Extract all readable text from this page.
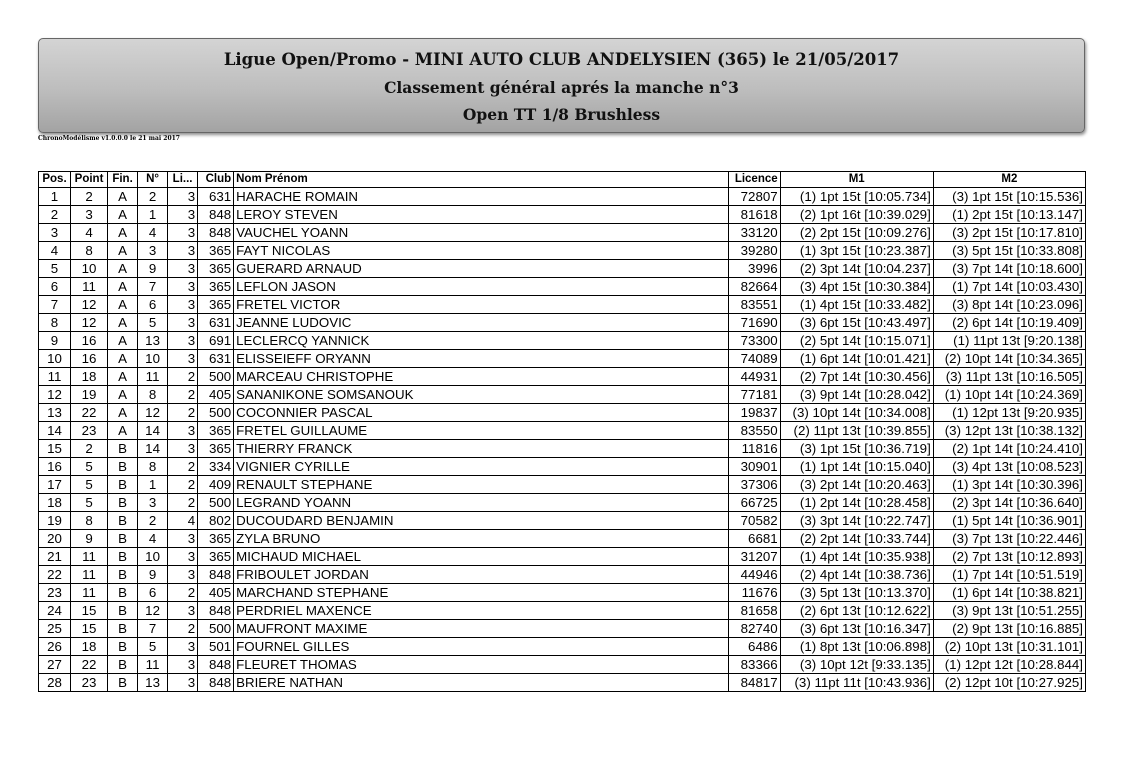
Ligue Open/Promo - MINI AUTO CLUB ANDELYSIEN (365) le 21/05/2017
Classement général aprés la manche n°3
Open TT 1/8 Brushless
ChronoModélisme v1.0.0.0 le 21 mai 2017
Pos.	Point	Fin.	N°	Li...	Club	Nom Prénom	Licence	M1	M2
1	2	A	2	3	631	HARACHE ROMAIN	72807	(1) 1pt 15t [10:05.734]	(3) 1pt 15t [10:15.536]
2	3	A	1	3	848	LEROY STEVEN	81618	(2) 1pt 16t [10:39.029]	(1) 2pt 15t [10:13.147]
3	4	A	4	3	848	VAUCHEL YOANN	33120	(2) 2pt 15t [10:09.276]	(3) 2pt 15t [10:17.810]
4	8	A	3	3	365	FAYT NICOLAS	39280	(1) 3pt 15t [10:23.387]	(3) 5pt 15t [10:33.808]
5	10	A	9	3	365	GUERARD ARNAUD	3996	(2) 3pt 14t [10:04.237]	(3) 7pt 14t [10:18.600]
6	11	A	7	3	365	LEFLON JASON	82664	(3) 4pt 15t [10:30.384]	(1) 7pt 14t [10:03.430]
7	12	A	6	3	365	FRETEL VICTOR	83551	(1) 4pt 15t [10:33.482]	(3) 8pt 14t [10:23.096]
8	12	A	5	3	631	JEANNE LUDOVIC	71690	(3) 6pt 15t [10:43.497]	(2) 6pt 14t [10:19.409]
9	16	A	13	3	691	LECLERCQ YANNICK	73300	(2) 5pt 14t [10:15.071]	(1) 11pt 13t [9:20.138]
10	16	A	10	3	631	ELISSEIEFF ORYANN	74089	(1) 6pt 14t [10:01.421]	(2) 10pt 14t [10:34.365]
11	18	A	11	2	500	MARCEAU CHRISTOPHE	44931	(2) 7pt 14t [10:30.456]	(3) 11pt 13t [10:16.505]
12	19	A	8	2	405	SANANIKONE SOMSANOUK	77181	(3) 9pt 14t [10:28.042]	(1) 10pt 14t [10:24.369]
13	22	A	12	2	500	COCONNIER PASCAL	19837	(3) 10pt 14t [10:34.008]	(1) 12pt 13t [9:20.935]
14	23	A	14	3	365	FRETEL GUILLAUME	83550	(2) 11pt 13t [10:39.855]	(3) 12pt 13t [10:38.132]
15	2	B	14	3	365	THIERRY FRANCK	11816	(3) 1pt 15t [10:36.719]	(2) 1pt 14t [10:24.410]
16	5	B	8	2	334	VIGNIER CYRILLE	30901	(1) 1pt 14t [10:15.040]	(3) 4pt 13t [10:08.523]
17	5	B	1	2	409	RENAULT STEPHANE	37306	(3) 2pt 14t [10:20.463]	(1) 3pt 14t [10:30.396]
18	5	B	3	2	500	LEGRAND YOANN	66725	(1) 2pt 14t [10:28.458]	(2) 3pt 14t [10:36.640]
19	8	B	2	4	802	DUCOUDARD BENJAMIN	70582	(3) 3pt 14t [10:22.747]	(1) 5pt 14t [10:36.901]
20	9	B	4	3	365	ZYLA BRUNO	6681	(2) 2pt 14t [10:33.744]	(3) 7pt 13t [10:22.446]
21	11	B	10	3	365	MICHAUD MICHAEL	31207	(1) 4pt 14t [10:35.938]	(2) 7pt 13t [10:12.893]
22	11	B	9	3	848	FRIBOULET JORDAN	44946	(2) 4pt 14t [10:38.736]	(1) 7pt 14t [10:51.519]
23	11	B	6	2	405	MARCHAND STEPHANE	11676	(3) 5pt 13t [10:13.370]	(1) 6pt 14t [10:38.821]
24	15	B	12	3	848	PERDRIEL MAXENCE	81658	(2) 6pt 13t [10:12.622]	(3) 9pt 13t [10:51.255]
25	15	B	7	2	500	MAUFRONT MAXIME	82740	(3) 6pt 13t [10:16.347]	(2) 9pt 13t [10:16.885]
26	18	B	5	3	501	FOURNEL GILLES	6486	(1) 8pt 13t [10:06.898]	(2) 10pt 13t [10:31.101]
27	22	B	11	3	848	FLEURET THOMAS	83366	(3) 10pt 12t [9:33.135]	(1) 12pt 12t [10:28.844]
28	23	B	13	3	848	BRIERE NATHAN	84817	(3) 11pt 11t [10:43.936]	(2) 12pt 10t [10:27.925]
